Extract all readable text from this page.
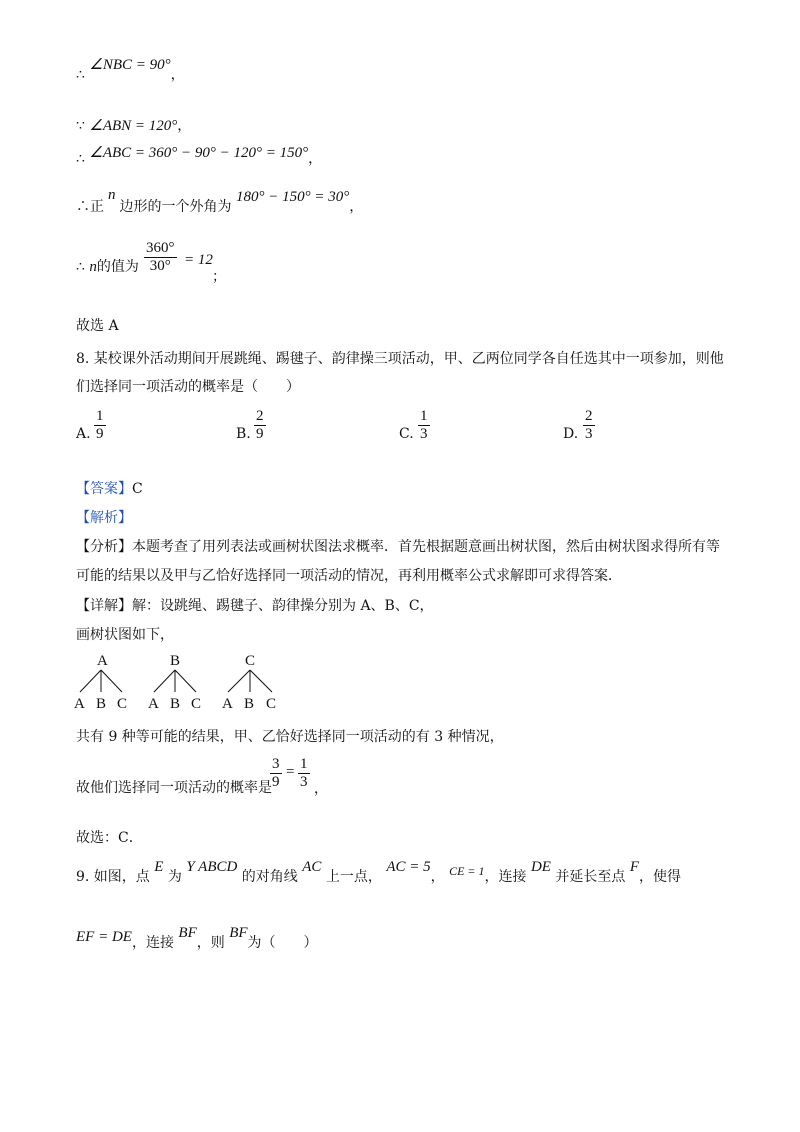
∴ ∠NBC = 90°，
∵ ∠ABN = 120°，
∴ ∠ABC = 360° − 90° − 120° = 150°，
∴正n边形的一个外角为 180° − 150° = 30°，
∴ n的值为 $\frac{360^\circ}{30^\circ} = 12$
；
故选 A
8. 某校课外活动期间开展跳绳、踢毽子、韵律操三项活动，甲、乙两位同学各自任选其中一项参加，则他
们选择同一项活动的概率是（　　）
A. $\frac{1}{9}$	B. $\frac{2}{9}$	C. $\frac{1}{3}$	D. $\frac{2}{3}$
【答案】C
【解析】
【分析】本题考查了用列表法或画树状图法求概率．首先根据题意画出树状图，然后由树状图求得所有等
可能的结果以及甲与乙恰好选择同一项活动的情况，再利用概率公式求解即可求得答案．
【详解】解：设跳绳、踢毽子、韵律操分别为 A、B、C，
画树状图如下，
A
A B C
B
A B C
C
A B C
共有 9 种等可能的结果，甲、乙恰好选择同一项活动的有 3 种情况，
故他们选择同一项活动的概率是
$\frac{3}{9} = \frac{1}{3}$ ，
故选：C．
9. 如图，点 E 为 Y ABCD 的对角线 AC 上一点， AC = 5， CE = 1，连接 DE 并延长至点 F，使得
EF = DE，连接 BF，则 BF为（　　）
